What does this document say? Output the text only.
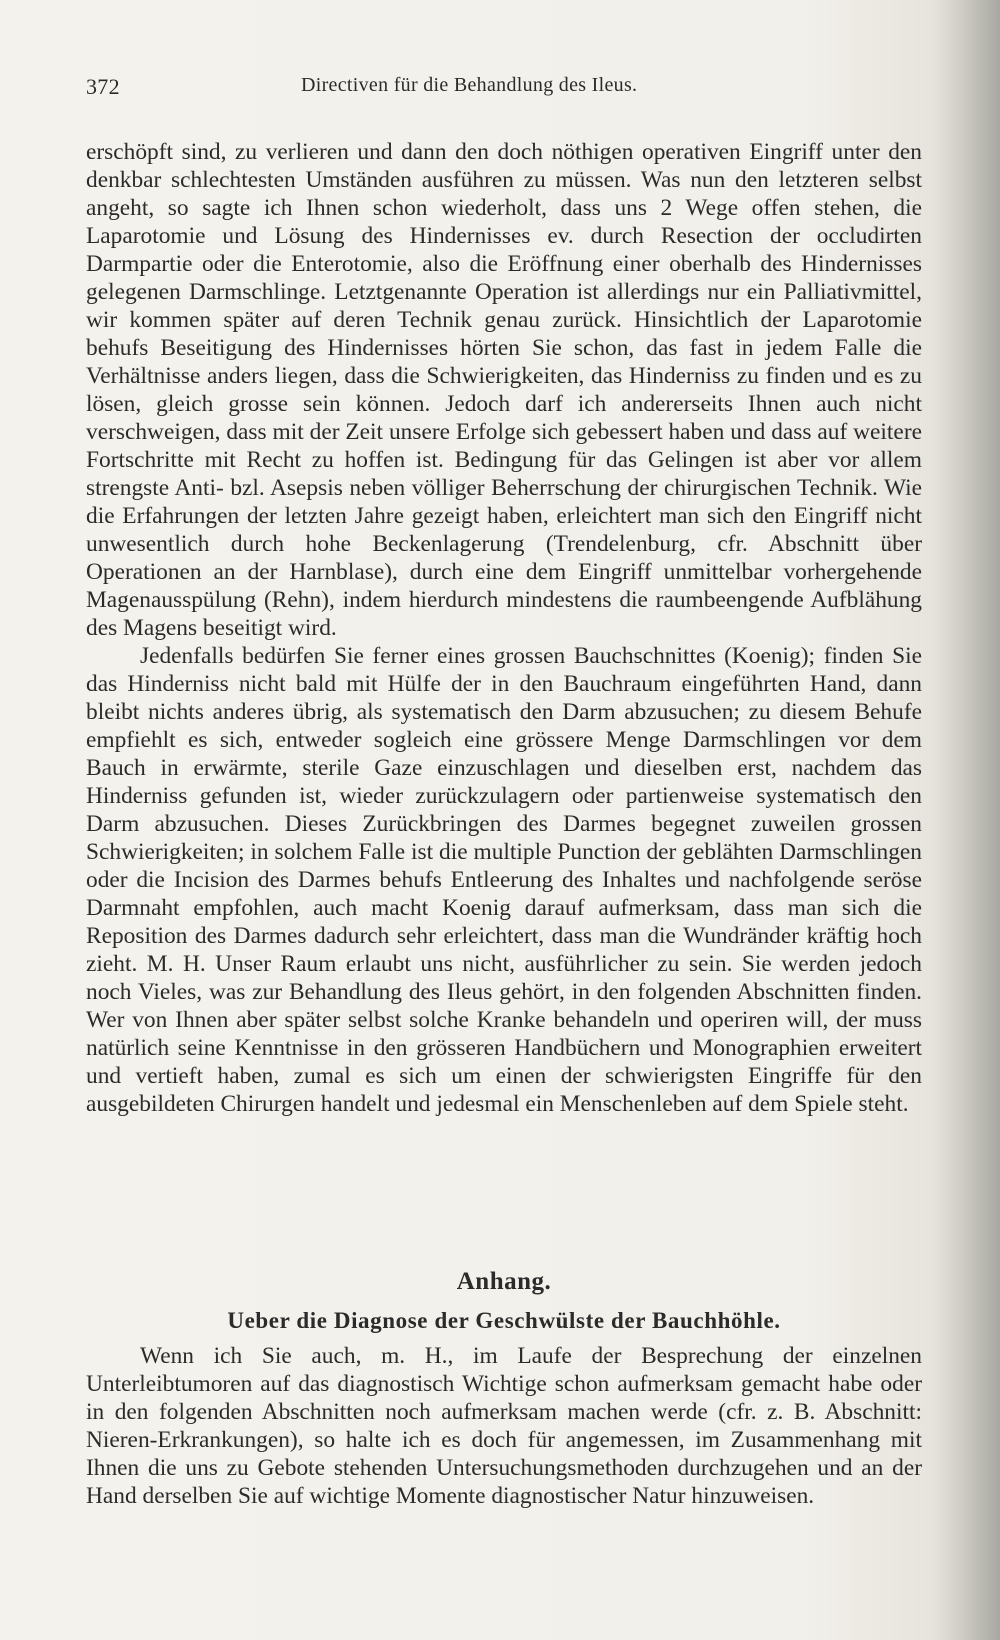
372	Directiven für die Behandlung des Ileus.

erschöpft sind, zu verlieren und dann den doch nöthigen operativen Eingriff unter den denkbar schlechtesten Umständen ausführen zu müssen. Was nun den letzteren selbst angeht, so sagte ich Ihnen schon wiederholt, dass uns 2 Wege offen stehen, die Laparotomie und Lösung des Hindernisses ev. durch Resection der occludirten Darmpartie oder die Enterotomie, also die Eröffnung einer oberhalb des Hindernisses gelegenen Darmschlinge. Letztgenannte Operation ist allerdings nur ein Palliativmittel, wir kommen später auf deren Technik genau zurück. Hinsichtlich der Laparotomie behufs Beseitigung des Hindernisses hörten Sie schon, das fast in jedem Falle die Verhältnisse anders liegen, dass die Schwierigkeiten, das Hinderniss zu finden und es zu lösen, gleich grosse sein können. Jedoch darf ich andererseits Ihnen auch nicht verschweigen, dass mit der Zeit unsere Erfolge sich gebessert haben und dass auf weitere Fortschritte mit Recht zu hoffen ist. Bedingung für das Gelingen ist aber vor allem strengste Anti- bzl. Asepsis neben völliger Beherrschung der chirurgischen Technik. Wie die Erfahrungen der letzten Jahre gezeigt haben, erleichtert man sich den Eingriff nicht unwesentlich durch hohe Beckenlagerung (Trendelenburg, cfr. Abschnitt über Operationen an der Harnblase), durch eine dem Eingriff unmittelbar vorhergehende Magenausspülung (Rehn), indem hierdurch mindestens die raumbeengende Aufblähung des Magens beseitigt wird.

Jedenfalls bedürfen Sie ferner eines grossen Bauchschnittes (Koenig); finden Sie das Hinderniss nicht bald mit Hülfe der in den Bauchraum eingeführten Hand, dann bleibt nichts anderes übrig, als systematisch den Darm abzusuchen; zu diesem Behufe empfiehlt es sich, entweder sogleich eine grössere Menge Darmschlingen vor dem Bauch in erwärmte, sterile Gaze einzuschlagen und dieselben erst, nachdem das Hinderniss gefunden ist, wieder zurückzulagern oder partienweise systematisch den Darm abzusuchen. Dieses Zurückbringen des Darmes begegnet zuweilen grossen Schwierigkeiten; in solchem Falle ist die multiple Punction der geblähten Darmschlingen oder die Incision des Darmes behufs Entleerung des Inhaltes und nachfolgende seröse Darmnaht empfohlen, auch macht Koenig darauf aufmerksam, dass man sich die Reposition des Darmes dadurch sehr erleichtert, dass man die Wundränder kräftig hoch zieht. M. H. Unser Raum erlaubt uns nicht, ausführlicher zu sein. Sie werden jedoch noch Vieles, was zur Behandlung des Ileus gehört, in den folgenden Abschnitten finden. Wer von Ihnen aber später selbst solche Kranke behandeln und operiren will, der muss natürlich seine Kenntnisse in den grösseren Handbüchern und Monographien erweitert und vertieft haben, zumal es sich um einen der schwierigsten Eingriffe für den ausgebildeten Chirurgen handelt und jedesmal ein Menschenleben auf dem Spiele steht.

Anhang.
Ueber die Diagnose der Geschwülste der Bauchhöhle.

Wenn ich Sie auch, m. H., im Laufe der Besprechung der einzelnen Unterleibtumoren auf das diagnostisch Wichtige schon aufmerksam gemacht habe oder in den folgenden Abschnitten noch aufmerksam machen werde (cfr. z. B. Abschnitt: Nieren-Erkrankungen), so halte ich es doch für angemessen, im Zusammenhang mit Ihnen die uns zu Gebote stehenden Untersuchungsmethoden durchzugehen und an der Hand derselben Sie auf wichtige Momente diagnostischer Natur hinzuweisen.
